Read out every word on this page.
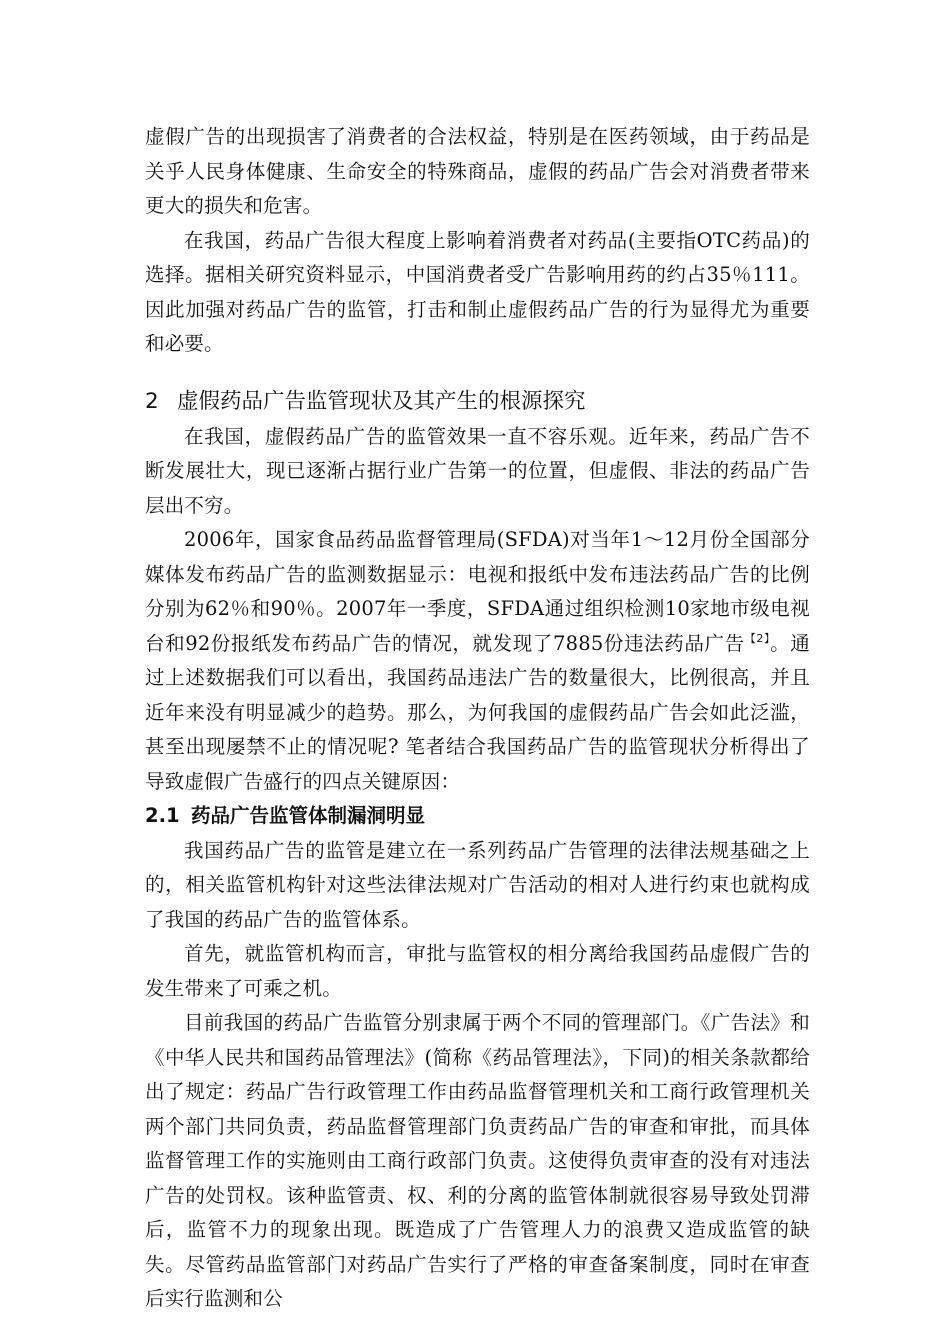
虚假广告的出现损害了消费者的合法权益，特别是在医药领域，由于药品是关乎人民身体健康、生命安全的特殊商品，虚假的药品广告会对消费者带来更大的损失和危害。

在我国，药品广告很大程度上影响着消费者对药品(主要指OTC药品)的选择。据相关研究资料显示，中国消费者受广告影响用药的约占35％111。因此加强对药品广告的监管，打击和制止虚假药品广告的行为显得尤为重要和必要。

2 虚假药品广告监管现状及其产生的根源探究

在我国，虚假药品广告的监管效果一直不容乐观。近年来，药品广告不断发展壮大，现已逐渐占据行业广告第一的位置，但虚假、非法的药品广告层出不穷。

2006年，国家食品药品监督管理局(SFDA)对当年1～12月份全国部分媒体发布药品广告的监测数据显示：电视和报纸中发布违法药品广告的比例分别为62％和90％。2007年一季度，SFDA通过组织检测10家地市级电视台和92份报纸发布药品广告的情况，就发现了7885份违法药品广告$^{【2】}$。通过上述数据我们可以看出，我国药品违法广告的数量很大，比例很高，并且近年来没有明显减少的趋势。那么，为何我国的虚假药品广告会如此泛滥，甚至出现屡禁不止的情况呢? 笔者结合我国药品广告的监管现状分析得出了导致虚假广告盛行的四点关键原因：

2.1 药品广告监管体制漏洞明显

我国药品广告的监管是建立在一系列药品广告管理的法律法规基础之上的，相关监管机构针对这些法律法规对广告活动的相对人进行约束也就构成了我国的药品广告的监管体系。

首先，就监管机构而言，审批与监管权的相分离给我国药品虚假广告的发生带来了可乘之机。

目前我国的药品广告监管分别隶属于两个不同的管理部门。《广告法》和《中华人民共和国药品管理法》(简称《药品管理法》，下同)的相关条款都给出了规定：药品广告行政管理工作由药品监督管理机关和工商行政管理机关两个部门共同负责，药品监督管理部门负责药品广告的审查和审批，而具体监督管理工作的实施则由工商行政部门负责。这使得负责审查的没有对违法广告的处罚权。该种监管责、权、利的分离的监管体制就很容易导致处罚滞后，监管不力的现象出现。既造成了广告管理人力的浪费又造成监管的缺失。尽管药品监管部门对药品广告实行了严格的审查备案制度，同时在审查后实行监测和公
